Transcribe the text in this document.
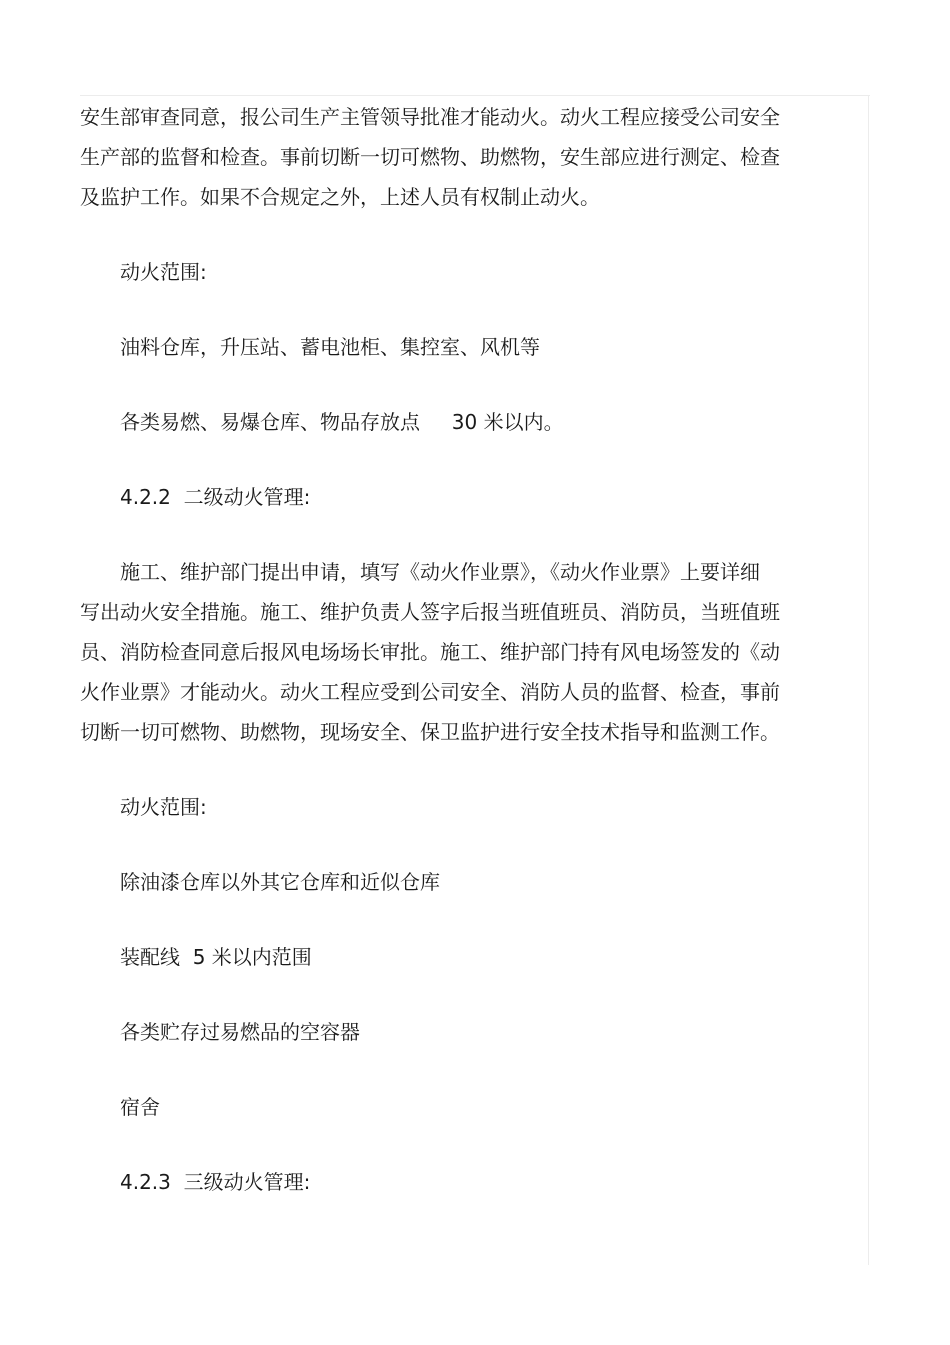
安生部审查同意，报公司生产主管领导批准才能动火。动火工程应接受公司安全
生产部的监督和检查。事前切断一切可燃物、助燃物，安生部应进行测定、检查
及监护工作。如果不合规定之外，上述人员有权制止动火。

动火范围:

油料仓库，升压站、蓄电池柜、集控室、风机等

各类易燃、易爆仓库、物品存放点     30 米以内。

4.2.2  二级动火管理:

施工、维护部门提出申请，填写《动火作业票》，《动火作业票》上要详细
写出动火安全措施。施工、维护负责人签字后报当班值班员、消防员，当班值班
员、消防检查同意后报风电场场长审批。施工、维护部门持有风电场签发的《动
火作业票》才能动火。动火工程应受到公司安全、消防人员的监督、检查，事前
切断一切可燃物、助燃物，现场安全、保卫监护进行安全技术指导和监测工作。

动火范围:

除油漆仓库以外其它仓库和近似仓库

装配线  5 米以内范围

各类贮存过易燃品的空容器

宿舍

4.2.3  三级动火管理:
